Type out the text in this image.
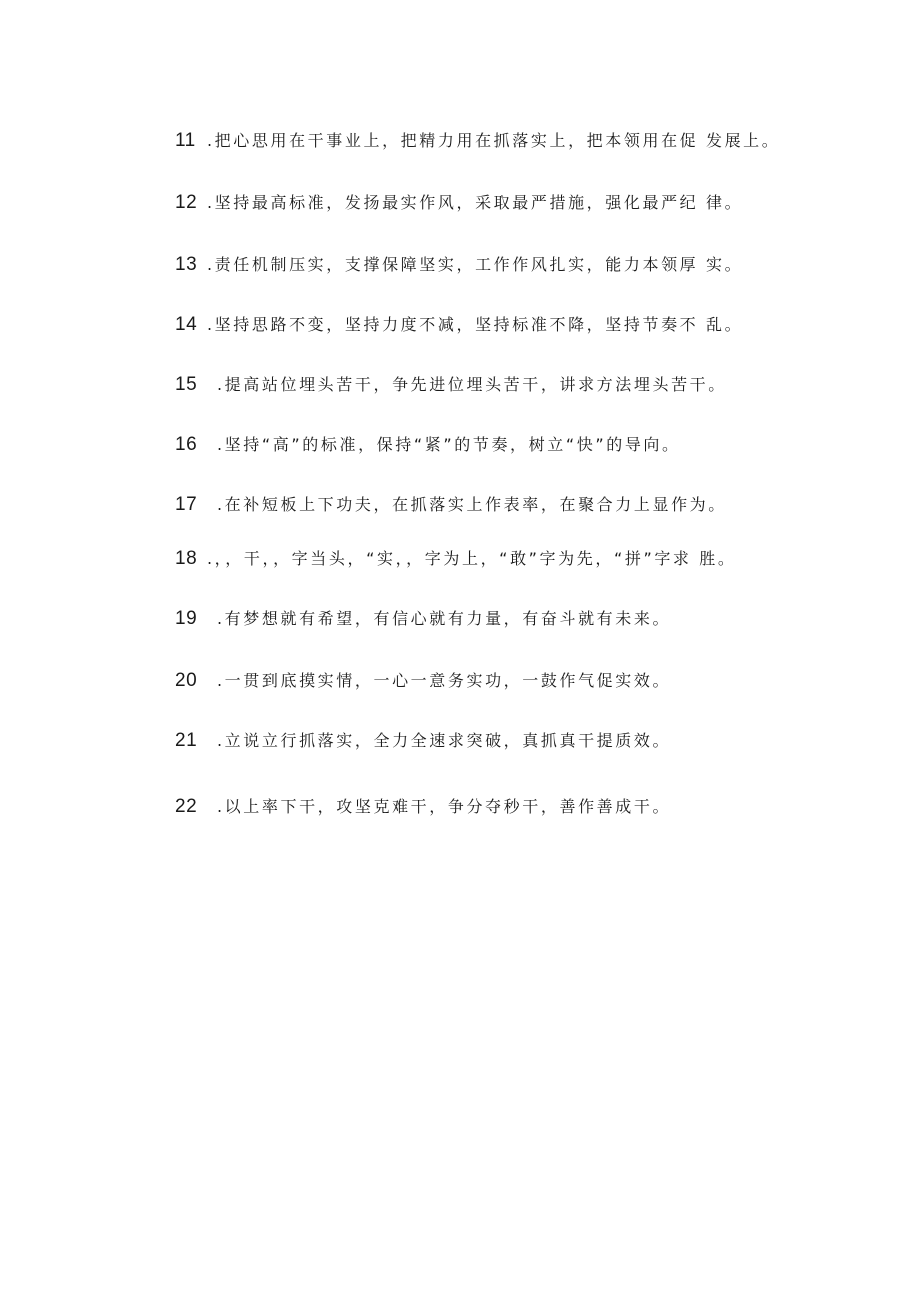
11 .把心思用在干事业上，把精力用在抓落实上，把本领用在促 发展上。
12 .坚持最高标准，发扬最实作风，采取最严措施，强化最严纪 律。
13 .责任机制压实，支撑保障坚实，工作作风扎实，能力本领厚 实。
14 .坚持思路不变，坚持力度不减，坚持标准不降，坚持节奏不 乱。
15	.提高站位埋头苦干，争先进位埋头苦干，讲求方法埋头苦干。
16	.坚持“高”的标准，保持“紧”的节奏，树立“快”的导向。
17	.在补短板上下功夫，在抓落实上作表率，在聚合力上显作为。
18 .，，干，，字当头，“实，，字为上，“敢”字为先，“拼”字求 胜。
19	.有梦想就有希望，有信心就有力量，有奋斗就有未来。
20	.一贯到底摸实情，一心一意务实功，一鼓作气促实效。
21	.立说立行抓落实，全力全速求突破，真抓真干提质效。
22	.以上率下干，攻坚克难干，争分夺秒干，善作善成干。
